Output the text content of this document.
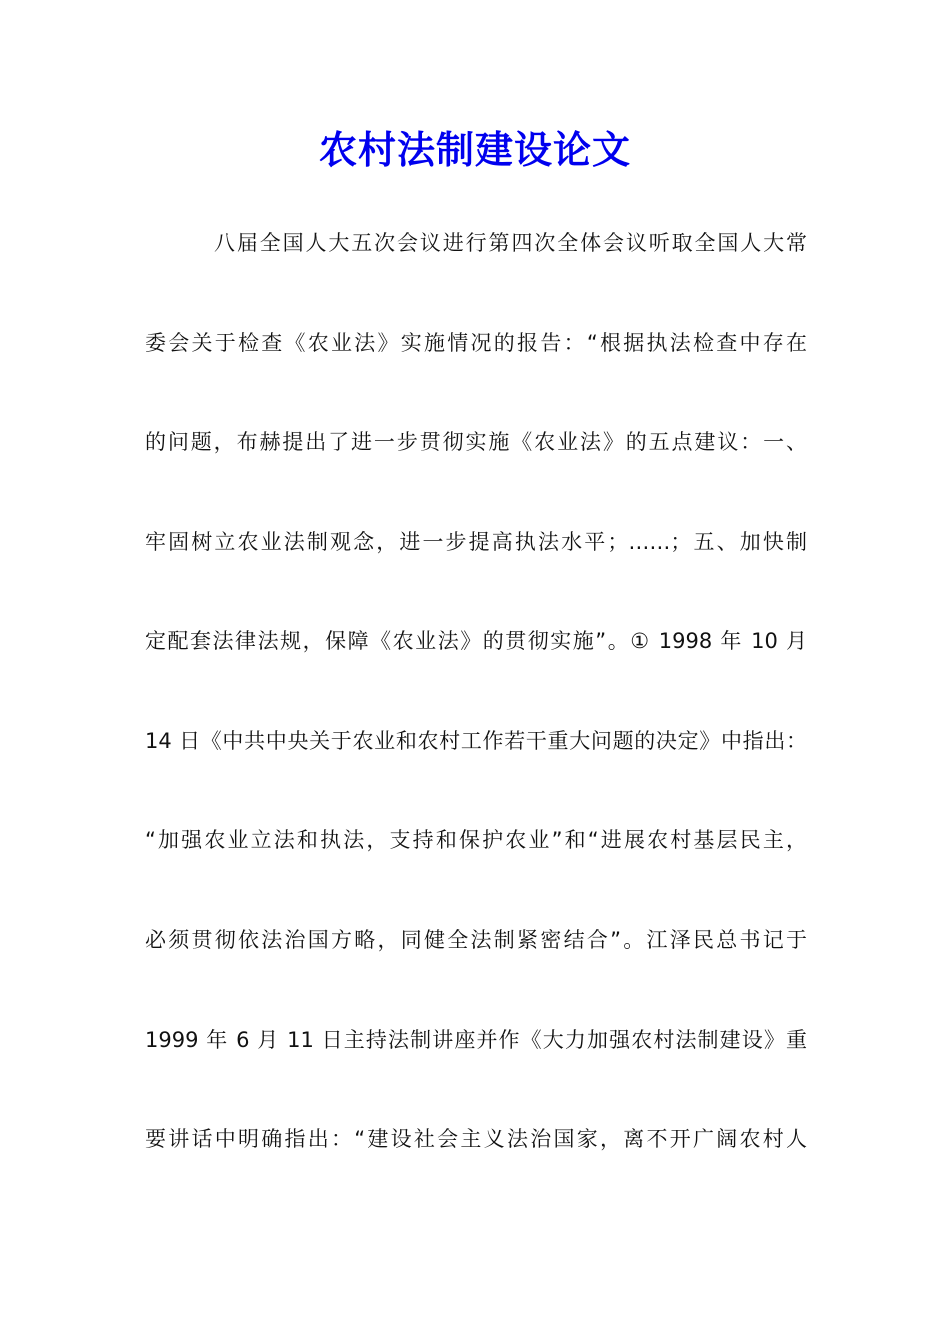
农村法制建设论文
八届全国人大五次会议进行第四次全体会议听取全国人大常
委会关于检查《农业法》实施情况的报告：“根据执法检查中存在
的问题，布赫提出了进一步贯彻实施《农业法》的五点建议：一、
牢固树立农业法制观念，进一步提高执法水平；……；五、加快制
定配套法律法规，保障《农业法》的贯彻实施”。① 1998 年 10 月
14 日《中共中央关于农业和农村工作若干重大问题的决定》中指出：
“加强农业立法和执法，支持和保护农业”和“进展农村基层民主，
必须贯彻依法治国方略，同健全法制紧密结合”。江泽民总书记于
1999 年 6 月 11 日主持法制讲座并作《大力加强农村法制建设》重
要讲话中明确指出：“建设社会主义法治国家，离不开广阔农村人
